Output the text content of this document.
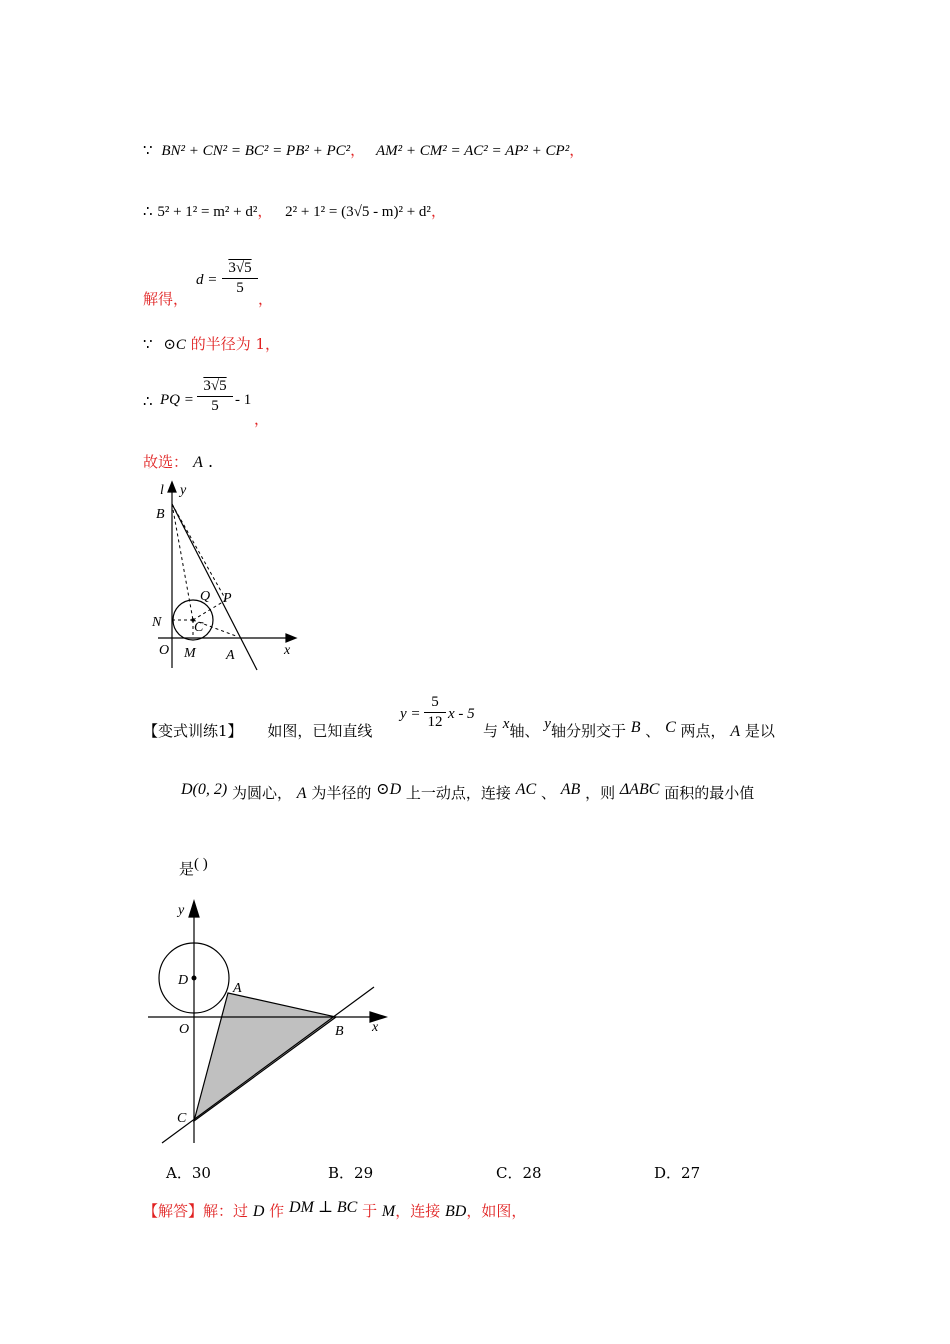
∵ BN² + CN² = BC² = PB² + PC²， AM² + CM² = AC² = AP² + CP²，
∴ 5² + 1² = m² + d²， 2² + 1² = (3√5 - m)² + d²，
解得，
d =
3√5
5
，
∵ ⊙C 的半径为 1，
∴ PQ =
3√5
5	- 1
，
故选： A .
l y
B
Q P
N C
O M A	x
【变式训练1】 如图，已知直线
y =
5
12 x - 5
与 x轴、 y轴分别交于 B 、 C 两点， A 是以
D(0, 2) 为圆心， A 为半径的 ⊙D 上一动点，连接 AC 、 AB ，则 ΔABC 面积的最小值
是( )
y
D
A
O	B x
C
A．30	B．29	C．28	D．27
【解答】解：过 D 作 DM ⊥ BC 于 M，连接 BD，如图，
